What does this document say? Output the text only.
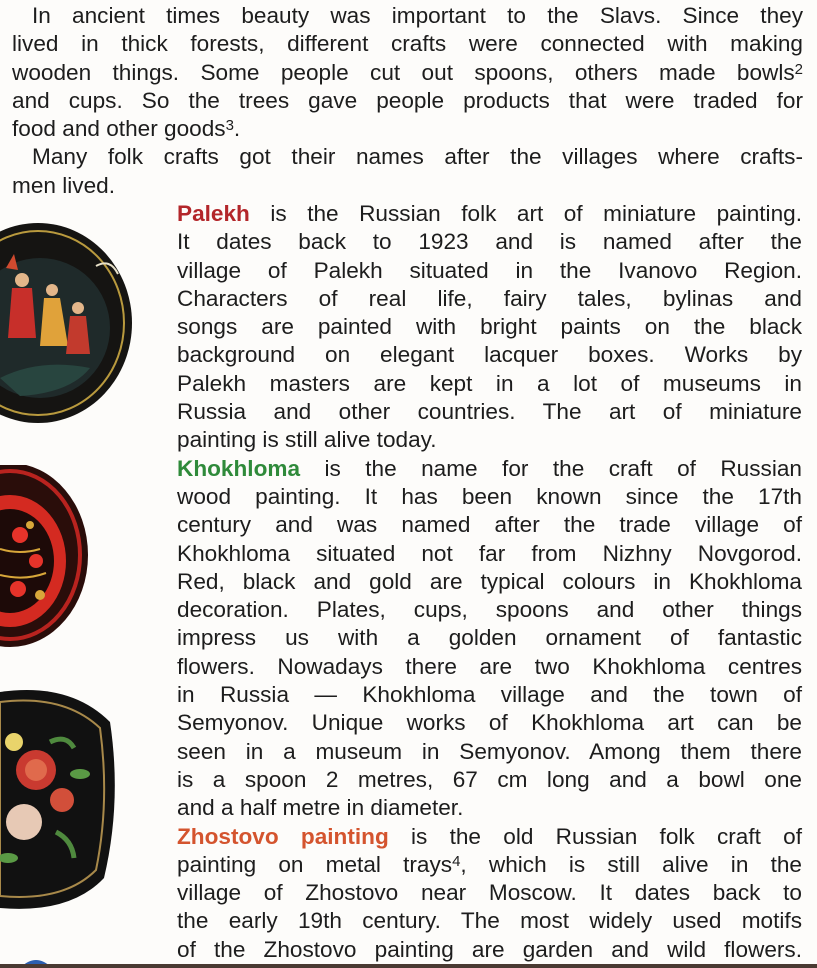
In ancient times beauty was important to the Slavs. Since they
lived in thick forests, different crafts were connected with making
wooden things. Some people cut out spoons, others made bowls$^2$
and cups. So the trees gave people products that were traded for
food and other goods$^3$.
Many folk crafts got their names after the villages where crafts-
men lived.
Palekh is the Russian folk art of miniature painting.
It dates back to 1923 and is named after the
village of Palekh situated in the Ivanovo Region.
Characters of real life, fairy tales, bylinas and
songs are painted with bright paints on the black
background on elegant lacquer boxes. Works by
Palekh masters are kept in a lot of museums in
Russia and other countries. The art of miniature
painting is still alive today.
Khokhloma is the name for the craft of Russian
wood painting. It has been known since the 17th
century and was named after the trade village of
Khokhloma situated not far from Nizhny Novgorod.
Red, black and gold are typical colours in Khokhloma
decoration. Plates, cups, spoons and other things
impress us with a golden ornament of fantastic
flowers. Nowadays there are two Khokhloma centres
in Russia — Khokhloma village and the town of
Semyonov. Unique works of Khokhloma art can be
seen in a museum in Semyonov. Among them there
is a spoon 2 metres, 67 cm long and a bowl one
and a half metre in diameter.
Zhostovo painting is the old Russian folk craft of
painting on metal trays$^4$, which is still alive in the
village of Zhostovo near Moscow. It dates back to
the early 19th century. The most widely used motifs
of the Zhostovo painting are garden and wild flowers.
